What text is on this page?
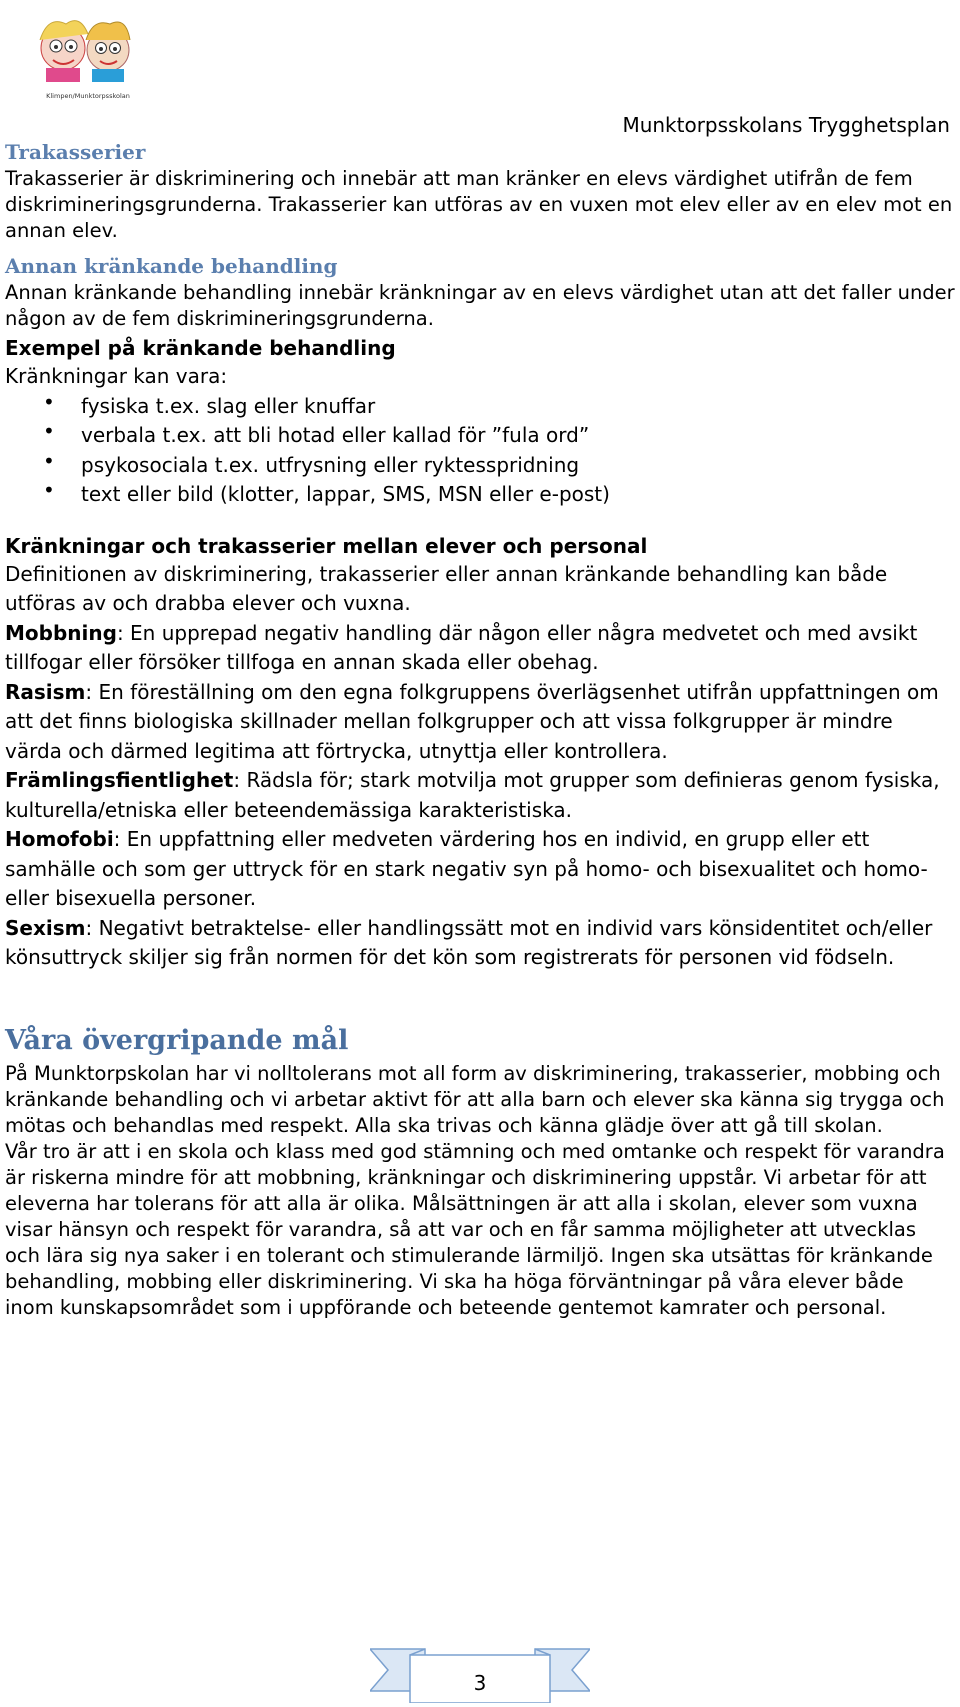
Klimpen/Munktorpsskolan
Munktorpsskolans Trygghetsplan
Trakasserier

Trakasserier är diskriminering och innebär att man kränker en elevs värdighet utifrån de fem diskrimineringsgrunderna. Trakasserier kan utföras av en vuxen mot elev eller av en elev mot en annan elev.

Annan kränkande behandling

Annan kränkande behandling innebär kränkningar av en elevs värdighet utan att det faller under någon av de fem diskrimineringsgrunderna.

Exempel på kränkande behandling

Kränkningar kan vara:

• fysiska t.ex. slag eller knuffar
• verbala t.ex. att bli hotad eller kallad för ”fula ord”
• psykosociala t.ex. utfrysning eller ryktesspridning
• text eller bild (klotter, lappar, SMS, MSN eller e-post)
Kränkningar och trakasserier mellan elever och personal

Definitionen av diskriminering, trakasserier eller annan kränkande behandling kan både utföras av och drabba elever och vuxna.

Mobbning: En upprepad negativ handling där någon eller några medvetet och med avsikt tillfogar eller försöker tillfoga en annan skada eller obehag.

Rasism: En föreställning om den egna folkgruppens överlägsenhet utifrån uppfattningen om att det finns biologiska skillnader mellan folkgrupper och att vissa folkgrupper är mindre värda och därmed legitima att förtrycka, utnyttja eller kontrollera.

Främlingsfientlighet: Rädsla för; stark motvilja mot grupper som definieras genom fysiska, kulturella/etniska eller beteendemässiga karakteristiska.

Homofobi: En uppfattning eller medveten värdering hos en individ, en grupp eller ett samhälle och som ger uttryck för en stark negativ syn på homo- och bisexualitet och homo- eller bisexuella personer.

Sexism: Negativt betraktelse- eller handlingssätt mot en individ vars könsidentitet och/eller könsuttryck skiljer sig från normen för det kön som registrerats för personen vid födseln.

Våra övergripande mål

På Munktorpskolan har vi nolltolerans mot all form av diskriminering, trakasserier, mobbing och kränkande behandling och vi arbetar aktivt för att alla barn och elever ska känna sig trygga och mötas och behandlas med respekt. Alla ska trivas och känna glädje över att gå till skolan.

Vår tro är att i en skola och klass med god stämning och med omtanke och respekt för varandra är riskerna mindre för att mobbning, kränkningar och diskriminering uppstår. Vi arbetar för att eleverna har tolerans för att alla är olika. Målsättningen är att alla i skolan, elever som vuxna visar hänsyn och respekt för varandra, så att var och en får samma möjligheter att utvecklas och lära sig nya saker i en tolerant och stimulerande lärmiljö. Ingen ska utsättas för kränkande behandling, mobbing eller diskriminering. Vi ska ha höga förväntningar på våra elever både inom kunskapsområdet som i uppförande och beteende gentemot kamrater och personal.

3
